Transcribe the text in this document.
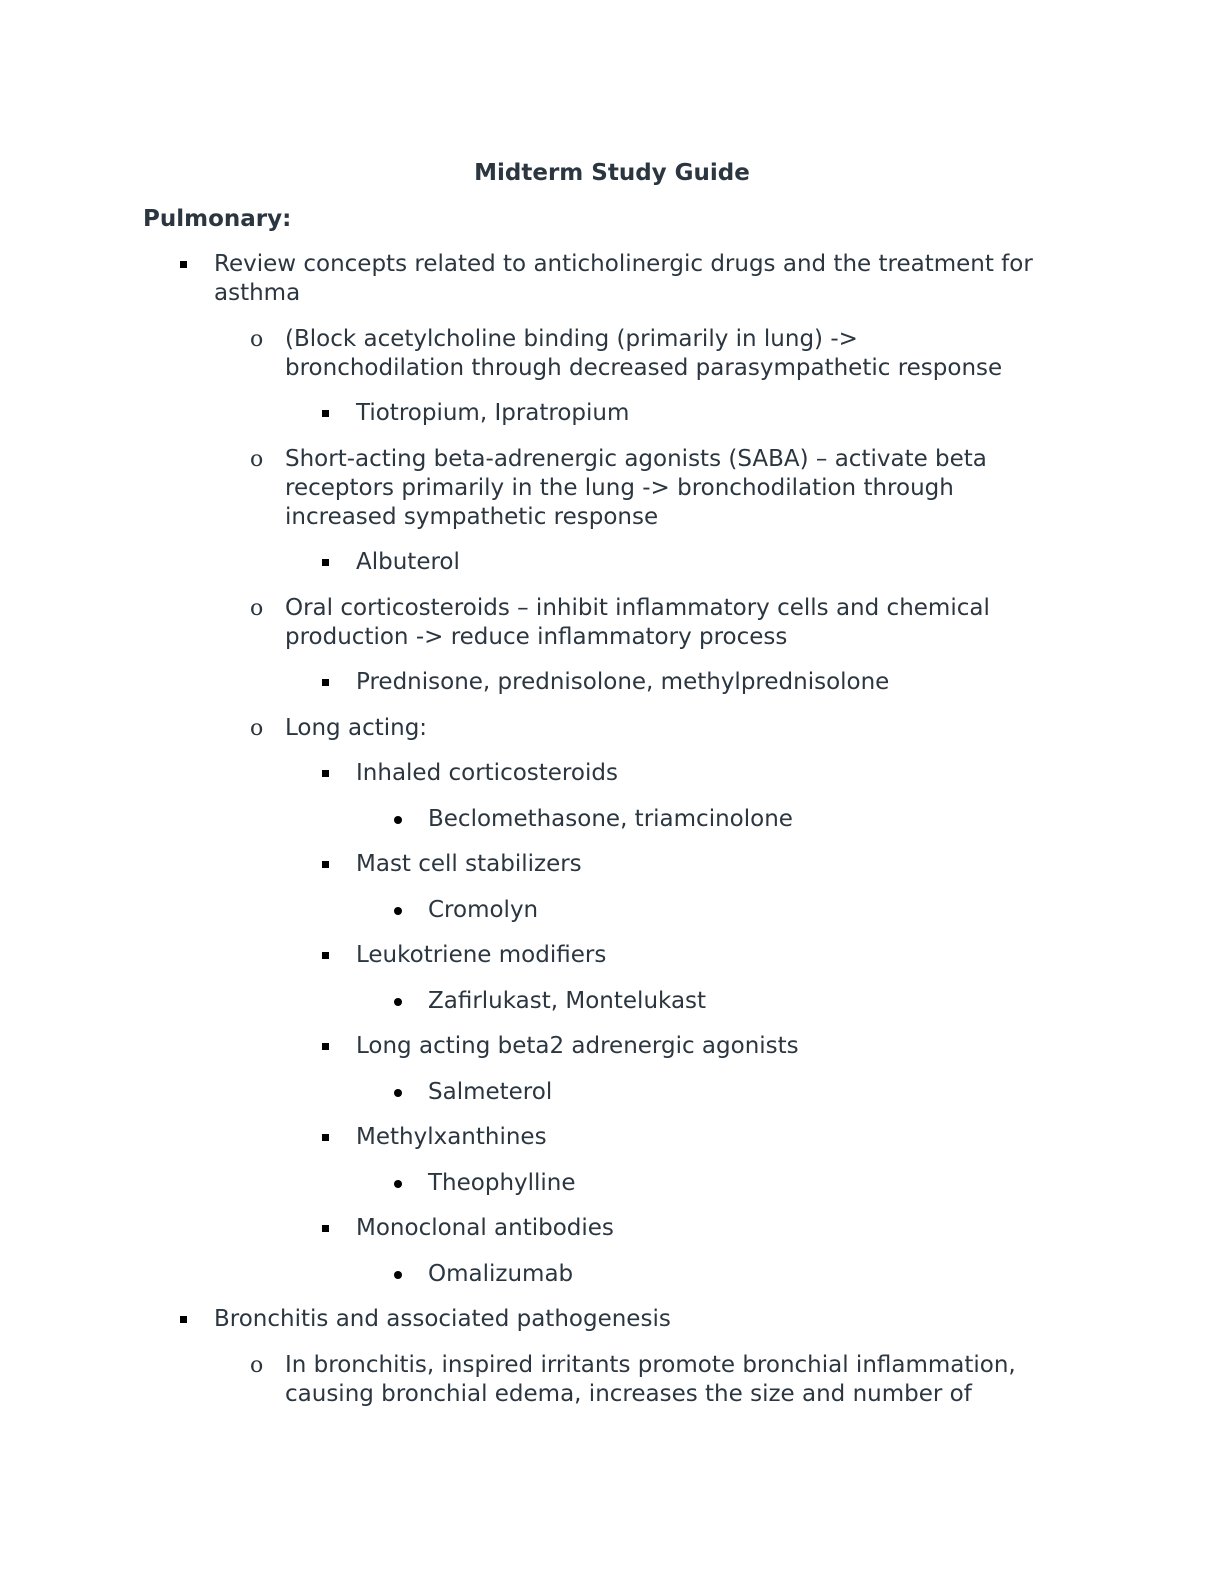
Midterm Study Guide
Pulmonary:
Review concepts related to anticholinergic drugs and the treatment for
asthma
o (Block acetylcholine binding (primarily in lung) ->
bronchodilation through decreased parasympathetic response
Tiotropium, Ipratropium
o Short-acting beta-adrenergic agonists (SABA) – activate beta
receptors primarily in the lung -> bronchodilation through
increased sympathetic response
Albuterol
o Oral corticosteroids – inhibit inflammatory cells and chemical
production -> reduce inflammatory process
Prednisone, prednisolone, methylprednisolone
o Long acting:
Inhaled corticosteroids
Beclomethasone, triamcinolone
Mast cell stabilizers
Cromolyn
Leukotriene modifiers
Zafirlukast, Montelukast
Long acting beta2 adrenergic agonists
Salmeterol
Methylxanthines
Theophylline
Monoclonal antibodies
Omalizumab
Bronchitis and associated pathogenesis
o In bronchitis, inspired irritants promote bronchial inflammation,
causing bronchial edema, increases the size and number of
